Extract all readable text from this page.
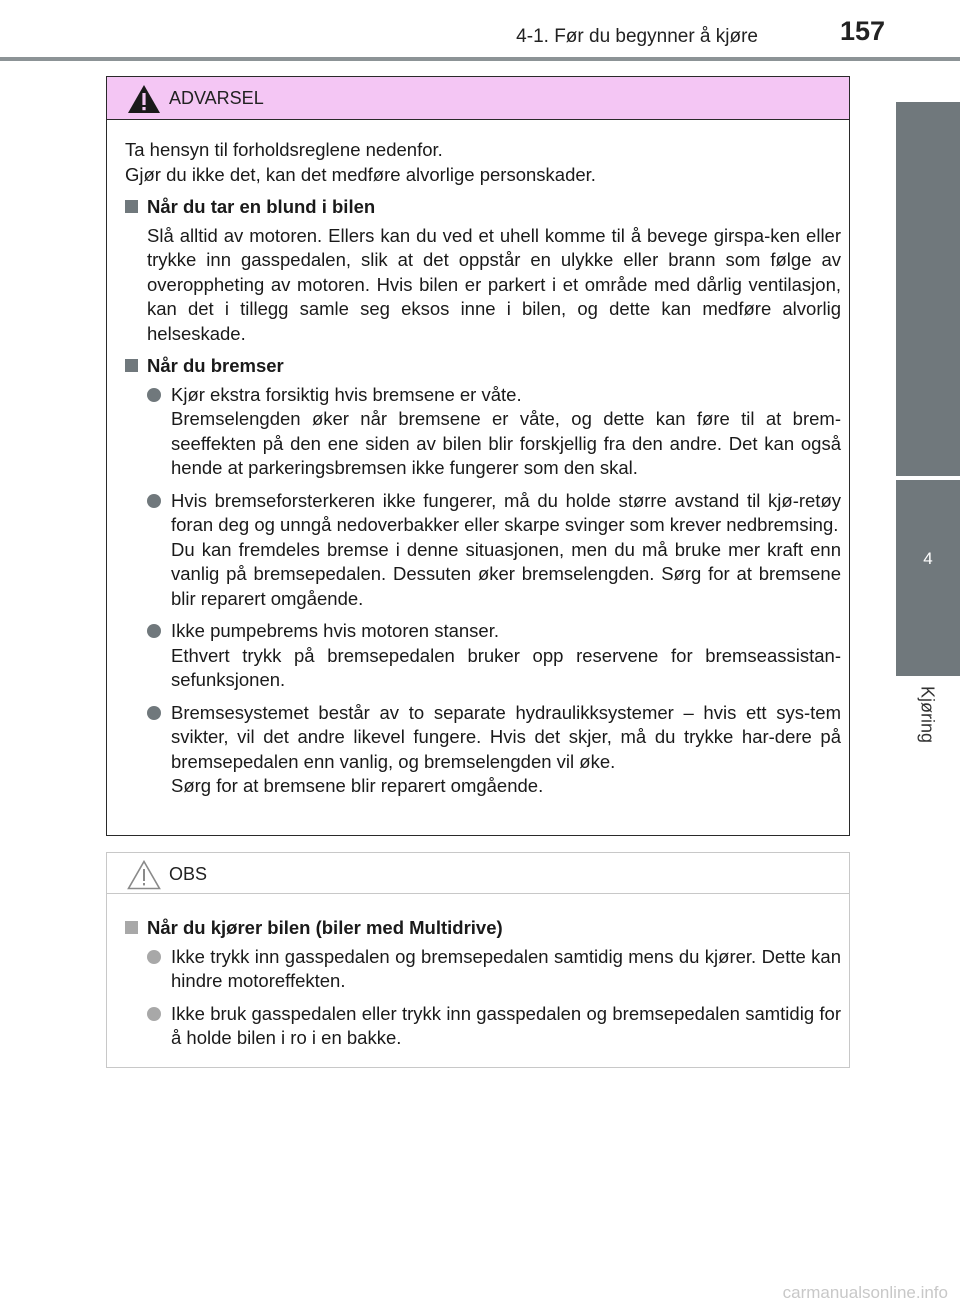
4-1. Før du begynner å kjøre	157
4
Kjøring
ADVARSEL
Ta hensyn til forholdsreglene nedenfor.
Gjør du ikke det, kan det medføre alvorlige personskader.
Når du tar en blund i bilen
Slå alltid av motoren. Ellers kan du ved et uhell komme til å bevege girspa-ken eller trykke inn gasspedalen, slik at det oppstår en ulykke eller brann som følge av overoppheting av motoren. Hvis bilen er parkert i et område med dårlig ventilasjon, kan det i tillegg samle seg eksos inne i bilen, og dette kan medføre alvorlig helseskade.
Når du bremser
Kjør ekstra forsiktig hvis bremsene er våte.
Bremselengden øker når bremsene er våte, og dette kan føre til at brem-seeffekten på den ene siden av bilen blir forskjellig fra den andre. Det kan også hende at parkeringsbremsen ikke fungerer som den skal.
Hvis bremseforsterkeren ikke fungerer, må du holde større avstand til kjø-retøy foran deg og unngå nedoverbakker eller skarpe svinger som krever nedbremsing.
Du kan fremdeles bremse i denne situasjonen, men du må bruke mer kraft enn vanlig på bremsepedalen. Dessuten øker bremselengden. Sørg for at bremsene blir reparert omgående.
Ikke pumpebrems hvis motoren stanser.
Ethvert trykk på bremsepedalen bruker opp reservene for bremseassistan-sefunksjonen.
Bremsesystemet består av to separate hydraulikksystemer – hvis ett sys-tem svikter, vil det andre likevel fungere. Hvis det skjer, må du trykke har-dere på bremsepedalen enn vanlig, og bremselengden vil øke.
Sørg for at bremsene blir reparert omgående.
OBS
Når du kjører bilen (biler med Multidrive)
Ikke trykk inn gasspedalen og bremsepedalen samtidig mens du kjører. Dette kan hindre motoreffekten.
Ikke bruk gasspedalen eller trykk inn gasspedalen og bremsepedalen samtidig for å holde bilen i ro i en bakke.
carmanualsonline.info
